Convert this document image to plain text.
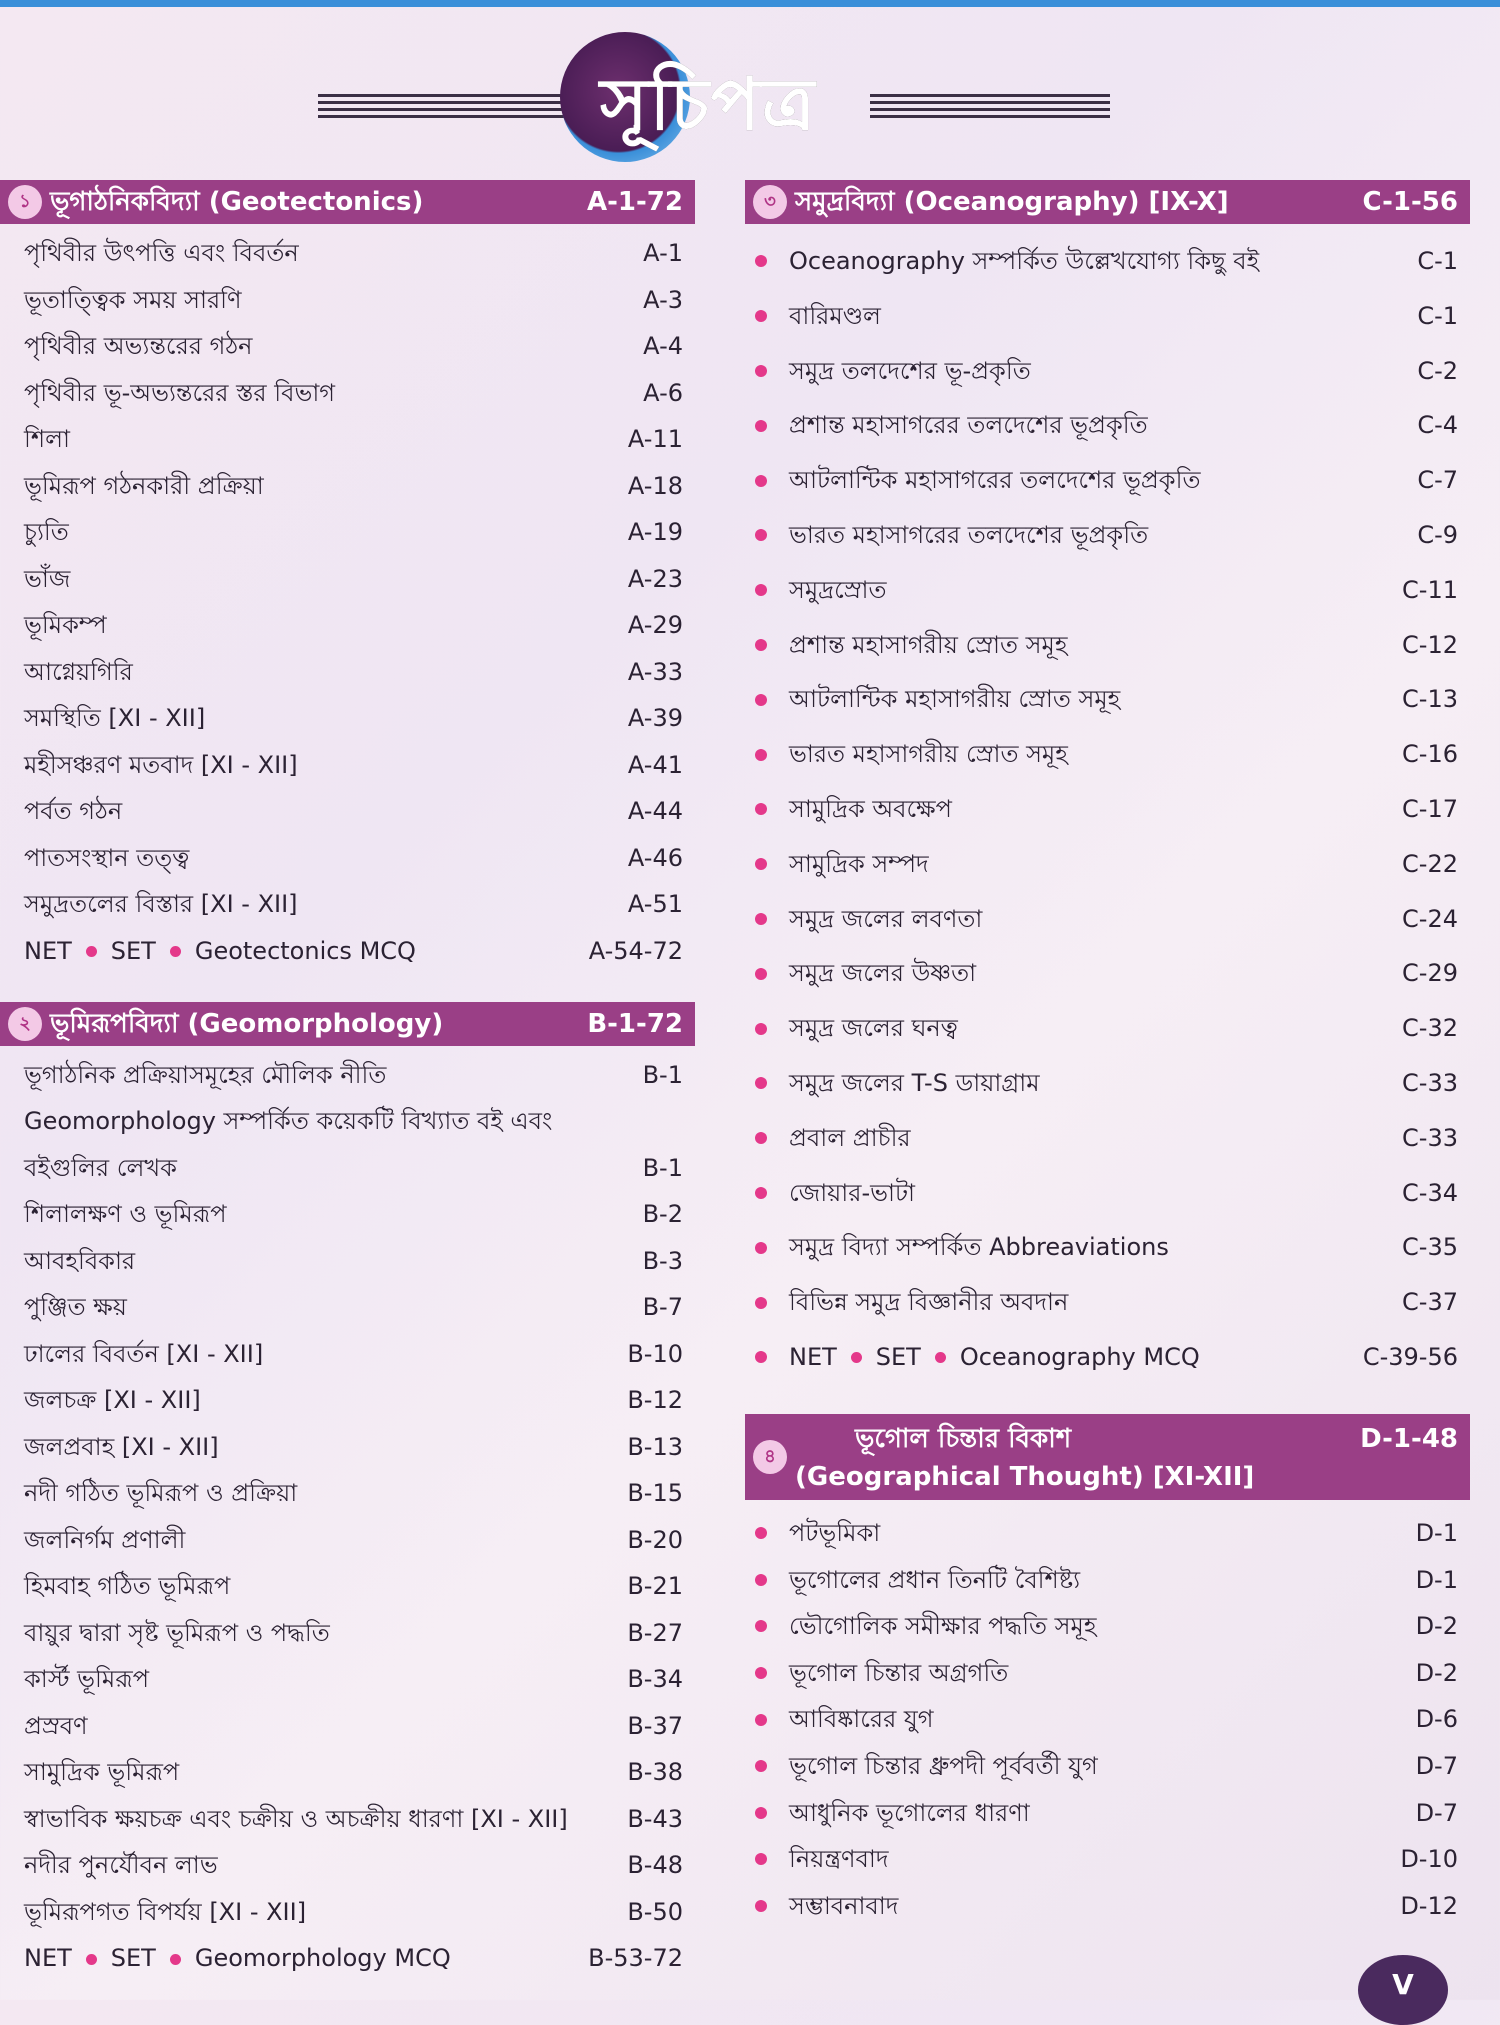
সূচিপত্র
১ ভূগাঠনিকবিদ্যা (Geotectonics)	A-1-72
পৃথিবীর উৎপত্তি এবং বিবর্তন	A-1
ভূতাত্ত্বিক সময় সারণি	A-3
পৃথিবীর অভ্যন্তরের গঠন	A-4
পৃথিবীর ভূ-অভ্যন্তরের স্তর বিভাগ	A-6
শিলা	A-11
ভূমিরূপ গঠনকারী প্রক্রিয়া	A-18
চ্যুতি	A-19
ভাঁজ	A-23
ভূমিকম্প	A-29
আগ্নেয়গিরি	A-33
সমস্থিতি [XI - XII]	A-39
মহীসঞ্চরণ মতবাদ [XI - XII]	A-41
পর্বত গঠন	A-44
পাতসংস্থান তত্ত্ব	A-46
সমুদ্রতলের বিস্তার [XI - XII]	A-51
NET SET Geotectonics MCQ	A-54-72
২ ভূমিরূপবিদ্যা (Geomorphology)	B-1-72
ভূগাঠনিক প্রক্রিয়াসমূহের মৌলিক নীতি	B-1
Geomorphology সম্পর্কিত কয়েকটি বিখ্যাত বই এবং
বইগুলির লেখক	B-1
শিলালক্ষণ ও ভূমিরূপ	B-2
আবহবিকার	B-3
পুঞ্জিত ক্ষয়	B-7
ঢালের বিবর্তন [XI - XII]	B-10
জলচক্র [XI - XII]	B-12
জলপ্রবাহ [XI - XII]	B-13
নদী গঠিত ভূমিরূপ ও প্রক্রিয়া	B-15
জলনির্গম প্রণালী	B-20
হিমবাহ গঠিত ভূমিরূপ	B-21
বায়ুর দ্বারা সৃষ্ট ভূমিরূপ ও পদ্ধতি	B-27
কার্স্ট ভূমিরূপ	B-34
প্রস্রবণ	B-37
সামুদ্রিক ভূমিরূপ	B-38
স্বাভাবিক ক্ষয়চক্র এবং চক্রীয় ও অচক্রীয় ধারণা [XI - XII]	B-43
নদীর পুনর্যৌবন লাভ	B-48
ভূমিরূপগত বিপর্যয় [XI - XII]	B-50
NET SET Geomorphology MCQ	B-53-72
৩ সমুদ্রবিদ্যা (Oceanography) [IX-X]	C-1-56
Oceanography সম্পর্কিত উল্লেখযোগ্য কিছু বই	C-1
বারিমণ্ডল	C-1
সমুদ্র তলদেশের ভূ-প্রকৃতি	C-2
প্রশান্ত মহাসাগরের তলদেশের ভূপ্রকৃতি	C-4
আটলান্টিক মহাসাগরের তলদেশের ভূপ্রকৃতি	C-7
ভারত মহাসাগরের তলদেশের ভূপ্রকৃতি	C-9
সমুদ্রস্রোত	C-11
প্রশান্ত মহাসাগরীয় স্রোত সমূহ	C-12
আটলান্টিক মহাসাগরীয় স্রোত সমূহ	C-13
ভারত মহাসাগরীয় স্রোত সমূহ	C-16
সামুদ্রিক অবক্ষেপ	C-17
সামুদ্রিক সম্পদ	C-22
সমুদ্র জলের লবণতা	C-24
সমুদ্র জলের উষ্ণতা	C-29
সমুদ্র জলের ঘনত্ব	C-32
সমুদ্র জলের T-S ডায়াগ্রাম	C-33
প্রবাল প্রাচীর	C-33
জোয়ার-ভাটা	C-34
সমুদ্র বিদ্যা সম্পর্কিত Abbreaviations	C-35
বিভিন্ন সমুদ্র বিজ্ঞানীর অবদান	C-37
NET SET Oceanography MCQ	C-39-56
৪
ভূগোল চিন্তার বিকাশ
(Geographical Thought) [XI-XII]
D-1-48
পটভূমিকা	D-1
ভূগোলের প্রধান তিনটি বৈশিষ্ট্য	D-1
ভৌগোলিক সমীক্ষার পদ্ধতি সমূহ	D-2
ভূগোল চিন্তার অগ্রগতি	D-2
আবিষ্কারের যুগ	D-6
ভূগোল চিন্তার ধ্রুপদী পূর্ববর্তী যুগ	D-7
আধুনিক ভূগোলের ধারণা	D-7
নিয়ন্ত্রণবাদ	D-10
সম্ভাবনাবাদ	D-12
V
